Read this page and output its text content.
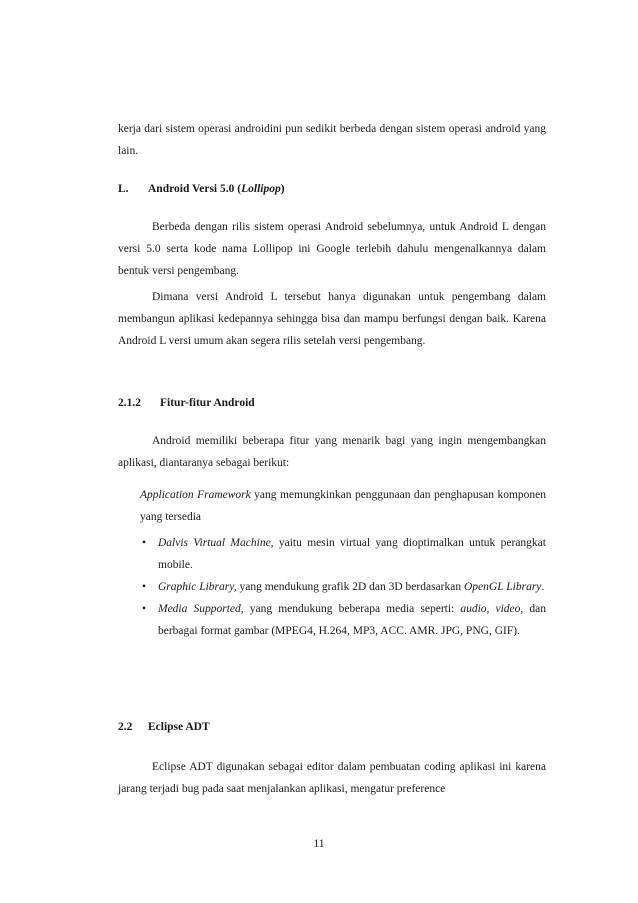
kerja dari sistem operasi androidini pun sedikit berbeda dengan sistem operasi android yang lain.

L. Android Versi 5.0 (Lollipop)

Berbeda dengan rilis sistem operasi Android sebelumnya, untuk Android L dengan versi 5.0 serta kode nama Lollipop ini Google terlebih dahulu mengenalkannya dalam bentuk versi pengembang.

Dimana versi Android L tersebut hanya digunakan untuk pengembang dalam membangun aplikasi kedepannya sehingga bisa dan mampu berfungsi dengan baik. Karena Android L versi umum akan segera rilis setelah versi pengembang.

2.1.2 Fitur-fitur Android

Android memiliki beberapa fitur yang menarik bagi yang ingin mengembangkan aplikasi, diantaranya sebagai berikut:

Application Framework yang memungkinkan penggunaan dan penghapusan komponen yang tersedia

• Dalvis Virtual Machine, yaitu mesin virtual yang dioptimalkan untuk perangkat mobile.
• Graphic Library, yang mendukung grafik 2D dan 3D berdasarkan OpenGL Library.
• Media Supported, yang mendukung beberapa media seperti: audio, video, dan berbagai format gambar (MPEG4, H.264, MP3, ACC. AMR. JPG, PNG, GIF).

2.2 Eclipse ADT

Eclipse ADT digunakan sebagai editor dalam pembuatan coding aplikasi ini karena jarang terjadi bug pada saat menjalankan aplikasi, mengatur preference

11
